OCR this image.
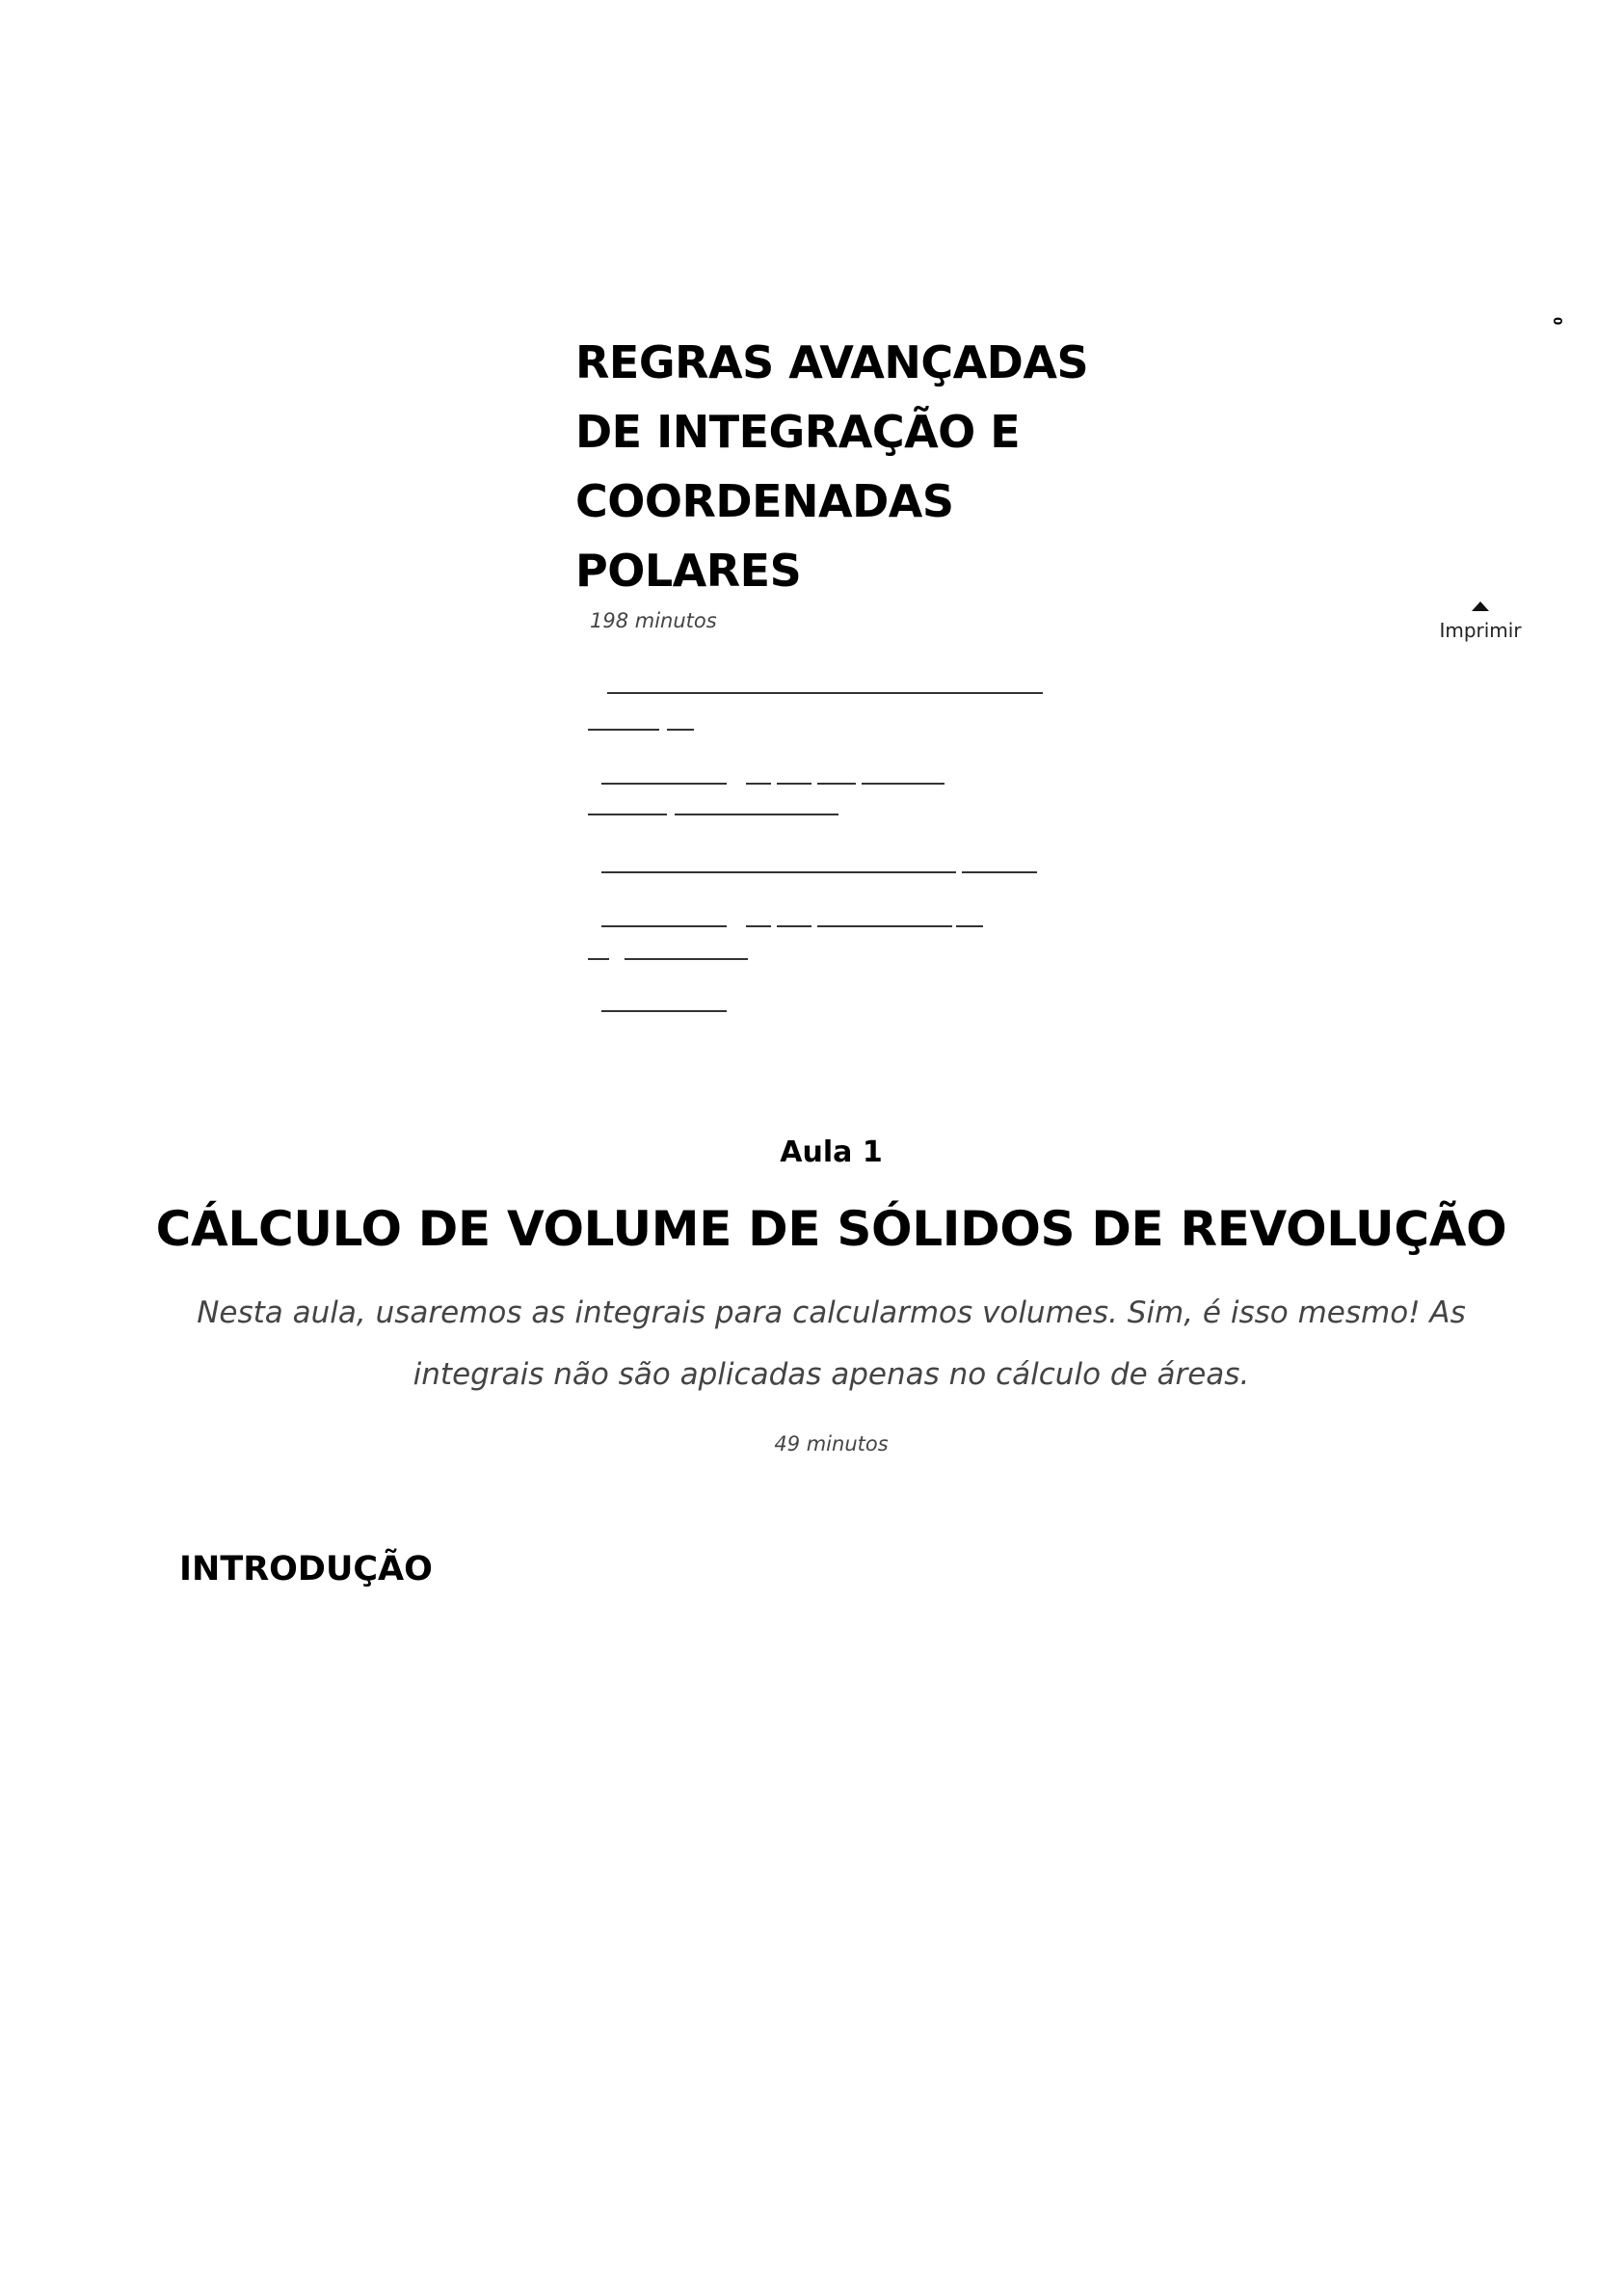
0
REGRAS AVANÇADAS DE INTEGRAÇÃO E COORDENADAS POLARES
198 minutos	Imprimir
Aula 1
CÁLCULO DE VOLUME DE SÓLIDOS DE REVOLUÇÃO

Nesta aula, usaremos as integrais para calcularmos volumes. Sim, é isso mesmo! As integrais não são aplicadas apenas no cálculo de áreas.

49 minutos
INTRODUÇÃO
